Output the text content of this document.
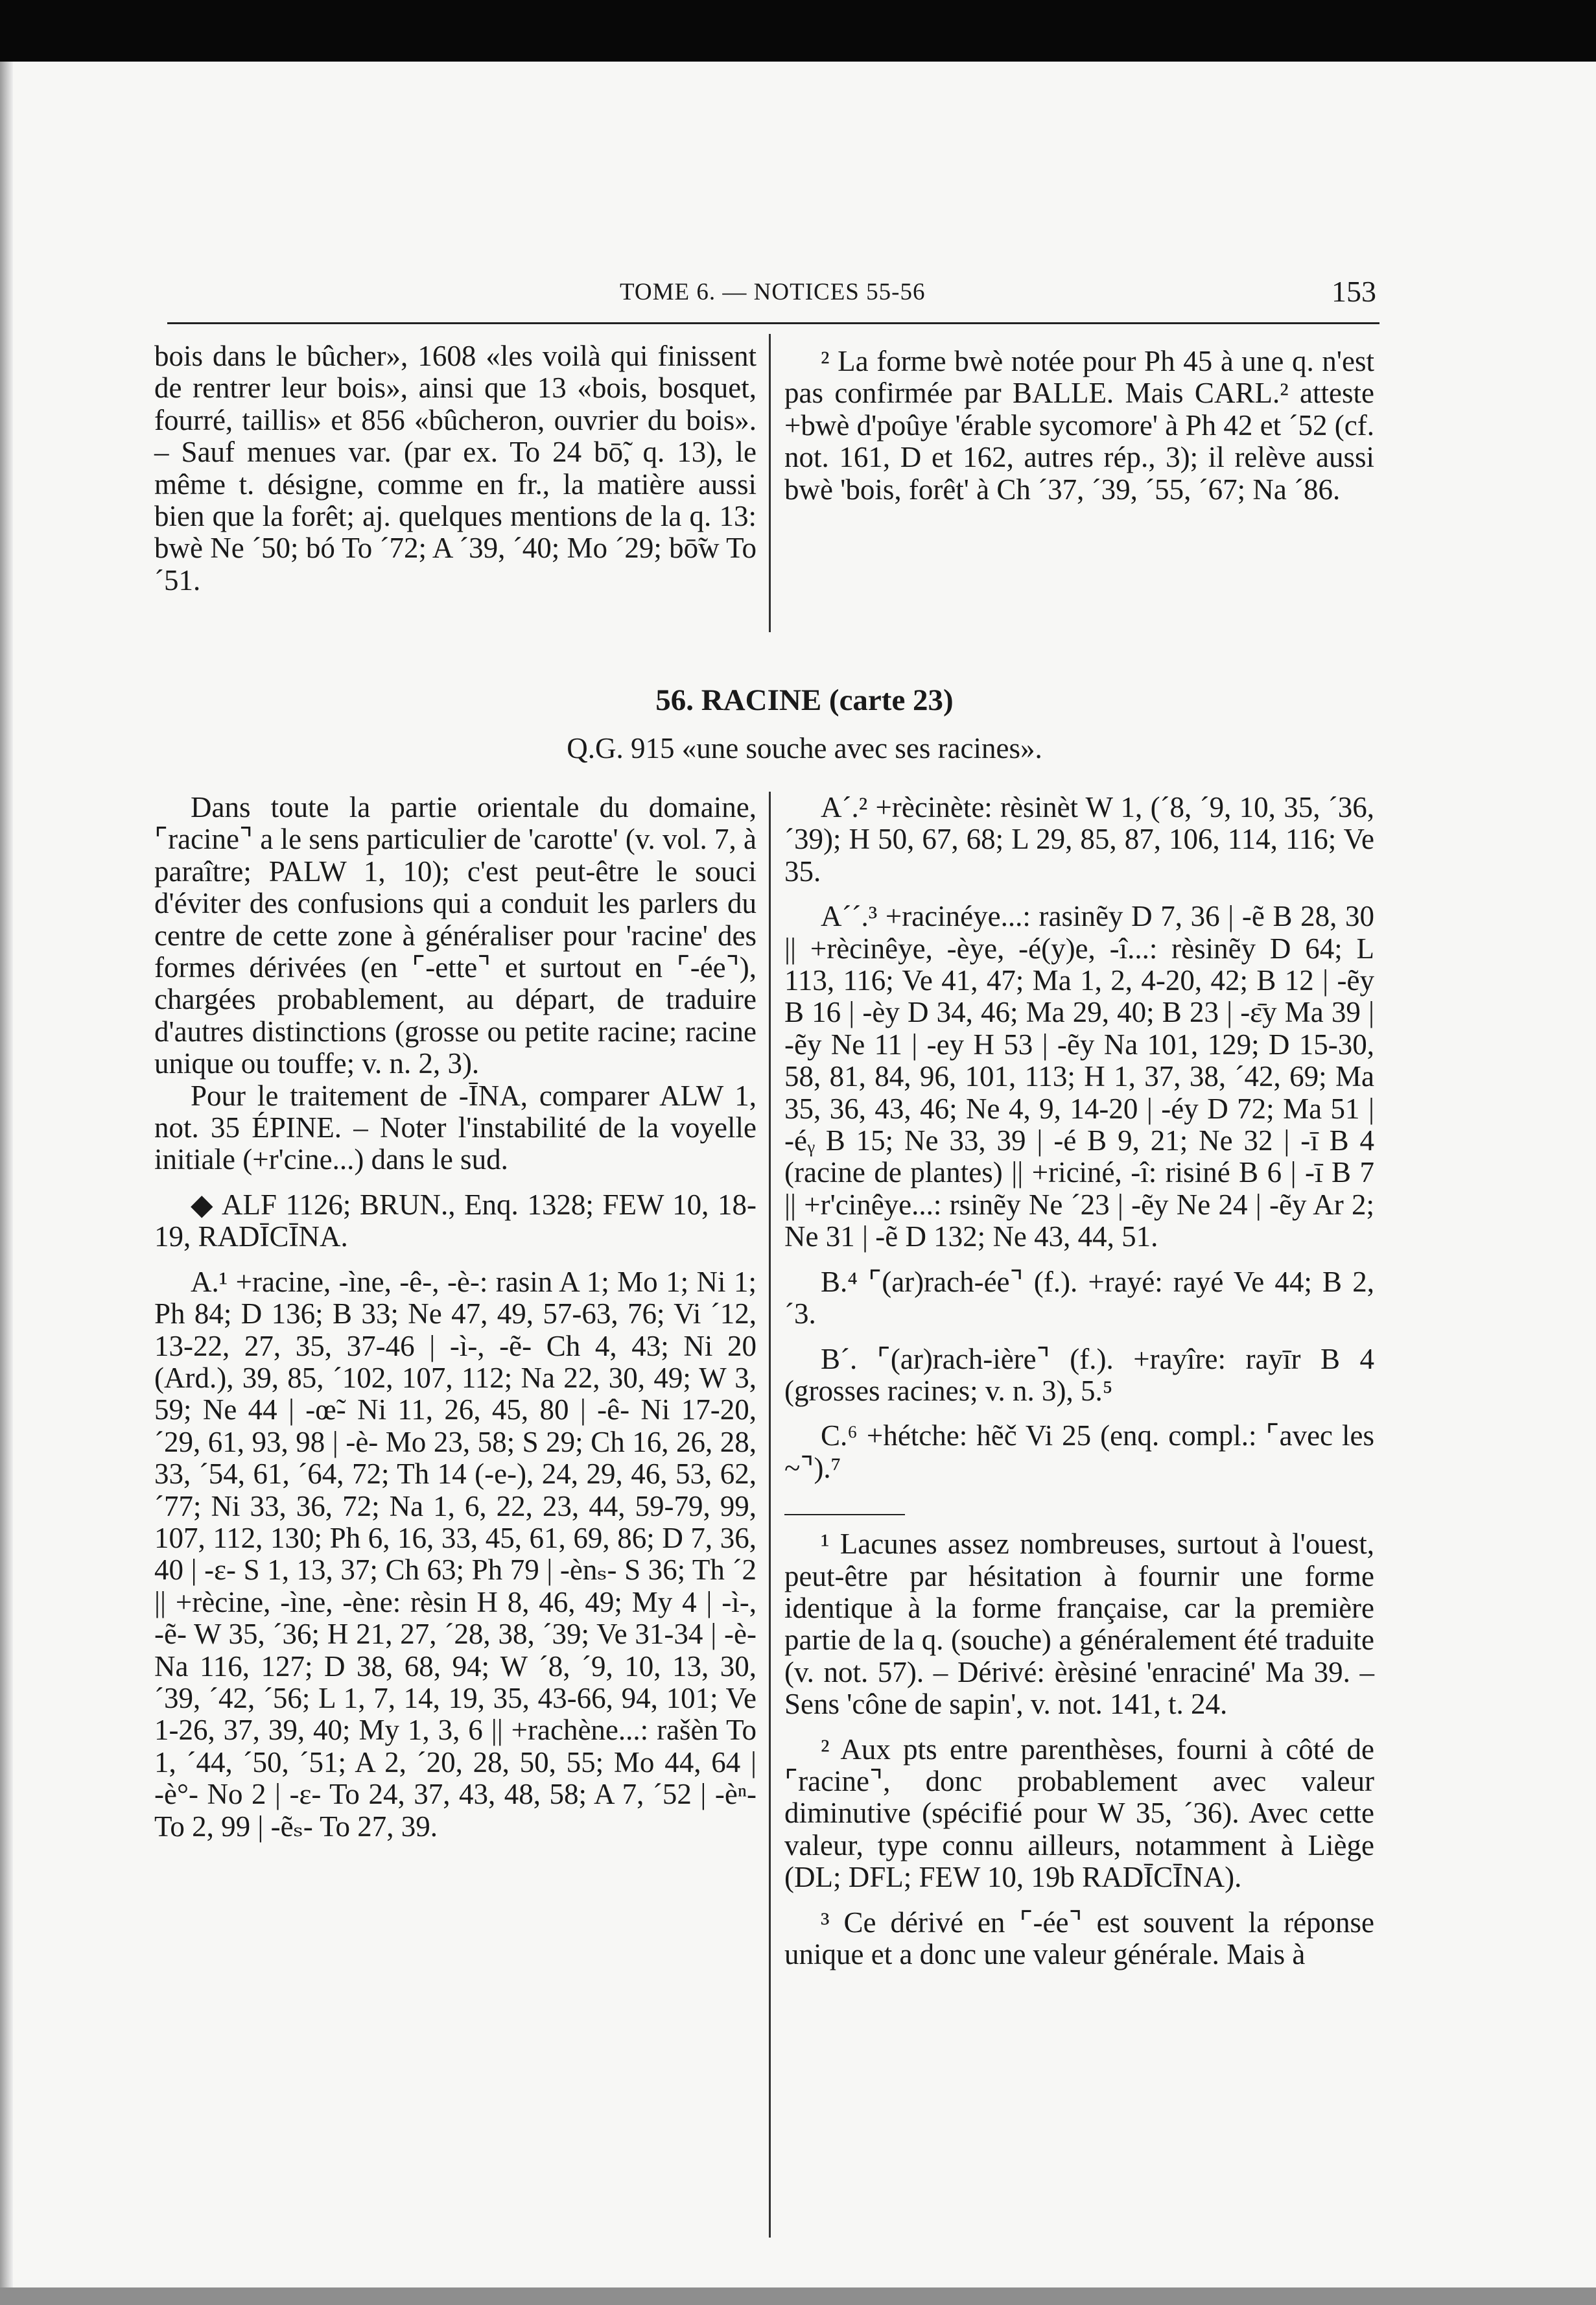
TOME 6. — NOTICES 55-56	153

bois dans le bûcher», 1608 «les voilà qui finissent de rentrer leur bois», ainsi que 13 «bois, bosquet, fourré, taillis» et 856 «bûcheron, ouvrier du bois». – Sauf menues var. (par ex. To 24 bō̃, q. 13), le même t. désigne, comme en fr., la matière aussi bien que la forêt; aj. quelques mentions de la q. 13: bwè Ne ´50; bó To ´72; A ´39, ´40; Mo ´29; bō̃w To ´51.

² La forme bwè notée pour Ph 45 à une q. n'est pas confirmée par BALLE. Mais CARL.² atteste +bwè d'poûye 'érable sycomore' à Ph 42 et ´52 (cf. not. 161, D et 162, autres rép., 3); il relève aussi bwè 'bois, forêt' à Ch ´37, ´39, ´55, ´67; Na ´86.

56. RACINE (carte 23)
Q.G. 915 «une souche avec ses racines».

Dans toute la partie orientale du domaine, ⌜racine⌝ a le sens particulier de 'carotte' (v. vol. 7, à paraître; PALW 1, 10); c'est peut-être le souci d'éviter des confusions qui a conduit les parlers du centre de cette zone à généraliser pour 'racine' des formes dérivées (en ⌜-ette⌝ et surtout en ⌜-ée⌝), chargées probablement, au départ, de traduire d'autres distinctions (grosse ou petite racine; racine unique ou touffe; v. n. 2, 3).

Pour le traitement de -ĪNA, comparer ALW 1, not. 35 ÉPINE. – Noter l'instabilité de la voyelle initiale (+r'cine...) dans le sud.

◆ ALF 1126; BRUN., Enq. 1328; FEW 10, 18-19, RADĪCĪNA.

A.¹ +racine, -ìne, -ê-, -è-: rasin A 1; Mo 1; Ni 1; Ph 84; D 136; B 33; Ne 47, 49, 57-63, 76; Vi ´12, 13-22, 27, 35, 37-46 | -ì-, -ẽ- Ch 4, 43; Ni 20 (Ard.), 39, 85, ´102, 107, 112; Na 22, 30, 49; W 3, 59; Ne 44 | -œ̃- Ni 11, 26, 45, 80 | -ê- Ni 17-20, ´29, 61, 93, 98 | -è- Mo 23, 58; S 29; Ch 16, 26, 28, 33, ´54, 61, ´64, 72; Th 14 (-e-), 24, 29, 46, 53, 62, ´77; Ni 33, 36, 72; Na 1, 6, 22, 23, 44, 59-79, 99, 107, 112, 130; Ph 6, 16, 33, 45, 61, 69, 86; D 7, 36, 40 | -ɛ- S 1, 13, 37; Ch 63; Ph 79 | -ènₛ- S 36; Th ´2 || +rècine, -ìne, -ène: rèsin H 8, 46, 49; My 4 | -ì-, -ẽ- W 35, ´36; H 21, 27, ´28, 38, ´39; Ve 31-34 | -è- Na 116, 127; D 38, 68, 94; W ´8, ´9, 10, 13, 30, ´39, ´42, ´56; L 1, 7, 14, 19, 35, 43-66, 94, 101; Ve 1-26, 37, 39, 40; My 1, 3, 6 || +rachène...: rašèn To 1, ´44, ´50, ´51; A 2, ´20, 28, 50, 55; Mo 44, 64 | -è°- No 2 | -ɛ- To 24, 37, 43, 48, 58; A 7, ´52 | -èⁿ- To 2, 99 | -ẽₛ- To 27, 39.

A´.² +rècinète: rèsinèt W 1, (´8, ´9, 10, 35, ´36, ´39); H 50, 67, 68; L 29, 85, 87, 106, 114, 116; Ve 35.

A´´.³ +racinéye...: rasinẽy D 7, 36 | -ẽ B 28, 30 || +rècinêye, -èye, -é(y)e, -î...: rèsinẽy D 64; L 113, 116; Ve 41, 47; Ma 1, 2, 4-20, 42; B 12 | -ẽy B 16 | -èy D 34, 46; Ma 29, 40; B 23 | -ɛ̄y Ma 39 | -ẽy Ne 11 | -ey H 53 | -ẽy Na 101, 129; D 15-30, 58, 81, 84, 96, 101, 113; H 1, 37, 38, ´42, 69; Ma 35, 36, 43, 46; Ne 4, 9, 14-20 | -éy D 72; Ma 51 | -éᵧ B 15; Ne 33, 39 | -é B 9, 21; Ne 32 | -ī B 4 (racine de plantes) || +riciné, -î: risiné B 6 | -ī B 7 || +r'cinêye...: rsinẽy Ne ´23 | -ẽy Ne 24 | -ẽy Ar 2; Ne 31 | -ẽ D 132; Ne 43, 44, 51.

B.⁴ ⌜(ar)rach-ée⌝ (f.). +rayé: rayé Ve 44; B 2, ´3.

B´. ⌜(ar)rach-ière⌝ (f.). +rayîre: rayīr B 4 (grosses racines; v. n. 3), 5.⁵

C.⁶ +hétche: hẽč Vi 25 (enq. compl.: ⌜avec les ~⌝).⁷

¹ Lacunes assez nombreuses, surtout à l'ouest, peut-être par hésitation à fournir une forme identique à la forme française, car la première partie de la q. (souche) a généralement été traduite (v. not. 57). – Dérivé: èrèsiné 'enraciné' Ma 39. – Sens 'cône de sapin', v. not. 141, t. 24.

² Aux pts entre parenthèses, fourni à côté de ⌜racine⌝, donc probablement avec valeur diminutive (spécifié pour W 35, ´36). Avec cette valeur, type connu ailleurs, notamment à Liège (DL; DFL; FEW 10, 19b RADĪCĪNA).

³ Ce dérivé en ⌜-ée⌝ est souvent la réponse unique et a donc une valeur générale. Mais à
